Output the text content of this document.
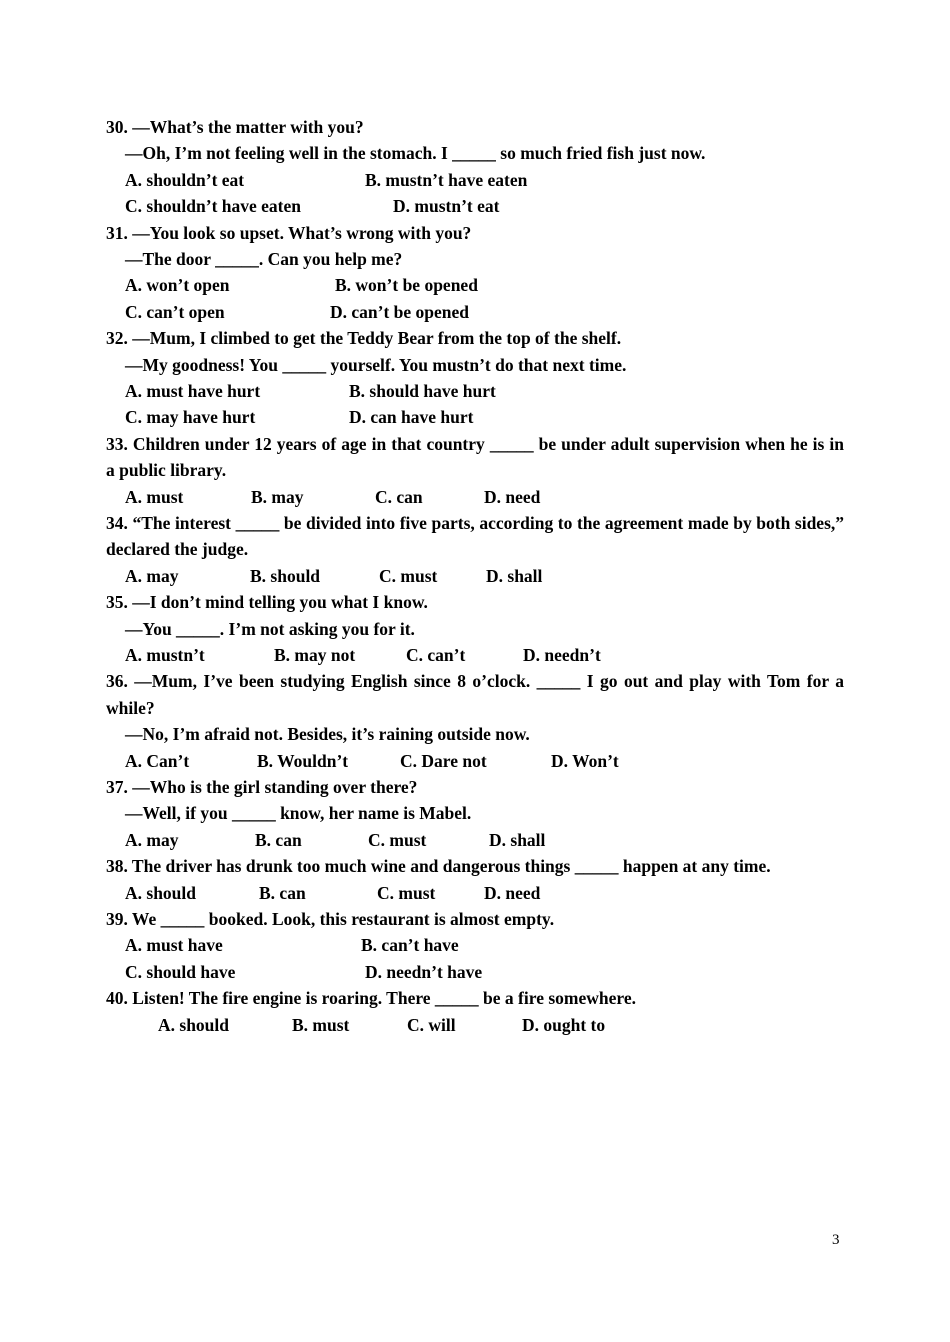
30. —What’s the matter with you?

—Oh, I’m not feeling well in the stomach. I _____ so much fried fish just now.

A. shouldn’t eat	B. mustn’t have eaten

C. shouldn’t have eaten	D. mustn’t eat

31. —You look so upset. What’s wrong with you?

—The door _____. Can you help me?

A. won’t open	B. won’t be opened

C. can’t open	D. can’t be opened

32. —Mum, I climbed to get the Teddy Bear from the top of the shelf.

—My goodness! You _____ yourself. You mustn’t do that next time.

A. must have hurt	B. should have hurt

C. may have hurt	D. can have hurt

33. Children under 12 years of age in that country _____ be under adult supervision when he is in a public library.

A. must	B. may	C. can	D. need

34. “The interest _____ be divided into five parts, according to the agreement made by both sides,” declared the judge.

A. may	B. should	C. must	D. shall

35. —I don’t mind telling you what I know.

—You _____. I’m not asking you for it.

A. mustn’t	B. may not	C. can’t	D. needn’t

36. —Mum, I’ve been studying English since 8 o’clock. _____ I go out and play with Tom for a while?

—No, I’m afraid not. Besides, it’s raining outside now.

A. Can’t	B. Wouldn’t	C. Dare not	D. Won’t

37. —Who is the girl standing over there?

—Well, if you _____ know, her name is Mabel.

A. may	B. can	C. must	D. shall

38. The driver has drunk too much wine and dangerous things _____ happen at any time.

A. should	B. can	C. must	D. need

39. We _____ booked. Look, this restaurant is almost empty.

A. must have	B. can’t have

C. should have	D. needn’t have

40. Listen! The fire engine is roaring. There _____ be a fire somewhere.

A. should	B. must	C. will	D. ought to

3
